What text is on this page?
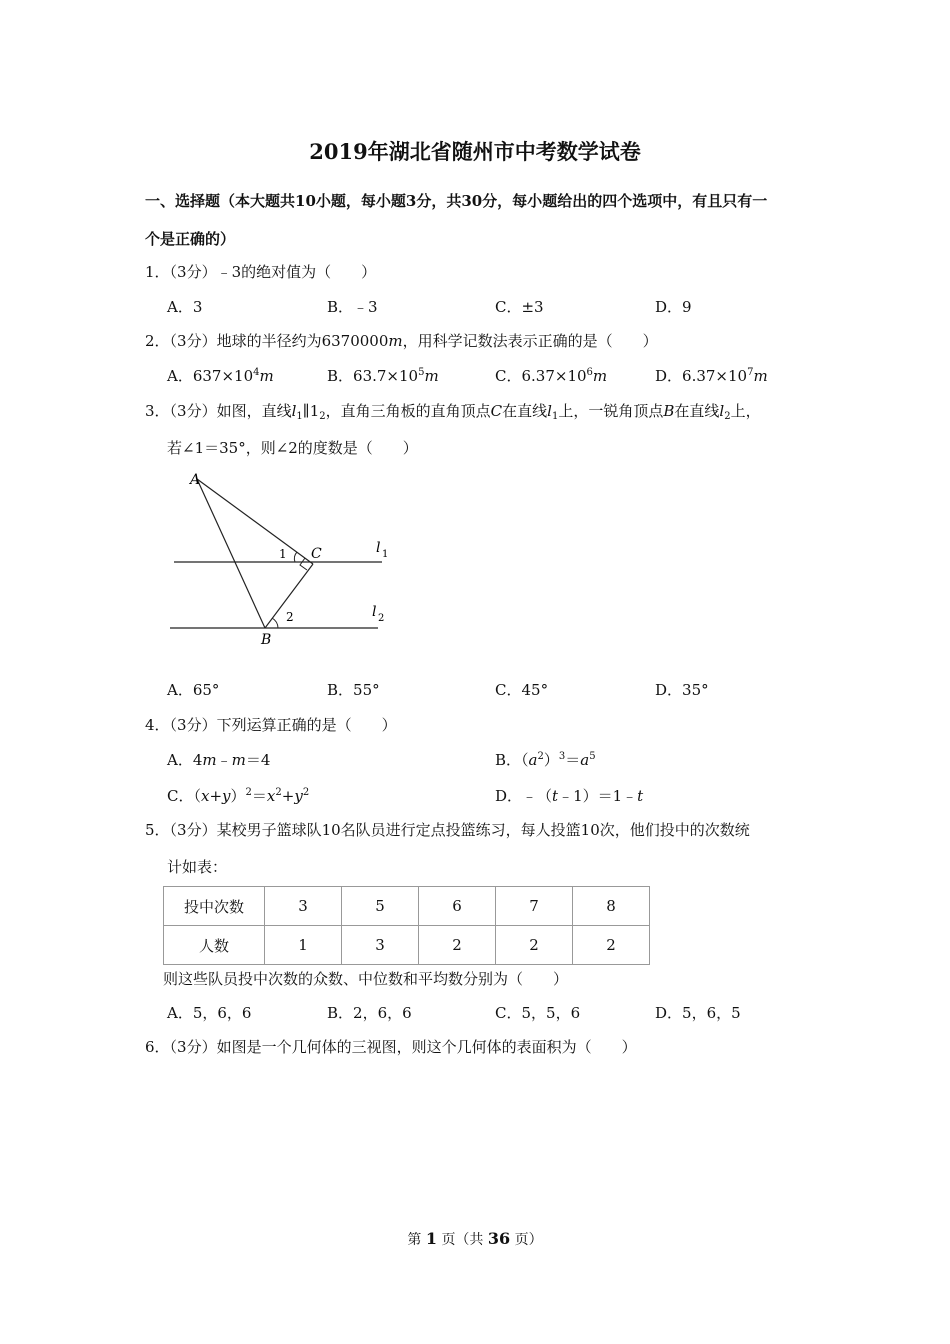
2019年湖北省随州市中考数学试卷
一、选择题（本大题共10小题，每小题3分，共30分，每小题给出的四个选项中，有且只有一
个是正确的）
1．（3分）﹣3的绝对值为（　　）
A．3	B．﹣3	C．±3	D．9
2．（3分）地球的半径约为6370000m，用科学记数法表示正确的是（　　）
A．$637\times 10^4m$	B．$63.7\times 10^5m$	C．$6.37\times 10^6m$	D．$6.37\times 10^7m$
3．（3分）如图，直线$l_1\parallel 1_2$，直角三角板的直角顶点C在直线$l_1$上，一锐角顶点B在直线$l_2$上，
若∠1＝35°，则∠2的度数是（　　）
A
B
C
1
2
l 1
l 2
A．65°	B．55°	C．45°	D．35°
4．（3分）下列运算正确的是（　　）
A．4m﹣m＝4	B．$(a^2)^3=a^5$
C．$(x+y)^2=x^2+y^2$	D．﹣（t﹣1）＝1﹣t
5．（3分）某校男子篮球队10名队员进行定点投篮练习，每人投篮10次，他们投中的次数统
计如表：
投中次数	3	5	6	7	8
人数	1	3	2	2	2
则这些队员投中次数的众数、中位数和平均数分别为（　　）
A．5，6，6	B．2，6，6	C．5，5，6	D．5，6，5
6．（3分）如图是一个几何体的三视图，则这个几何体的表面积为（　　）
第 1 页（共 36 页）
